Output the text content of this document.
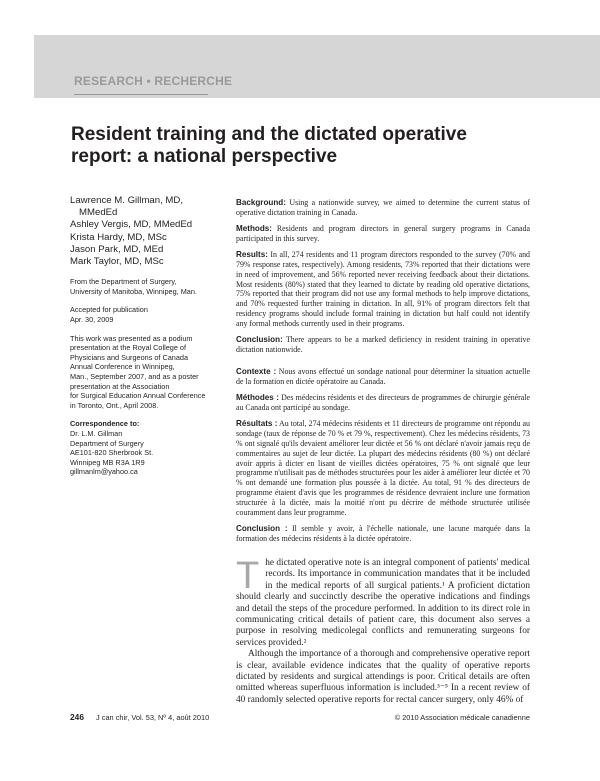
RESEARCH • RECHERCHE
Resident training and the dictated operative report: a national perspective
Lawrence M. Gillman, MD,
MMedEd
Ashley Vergis, MD, MMedEd
Krista Hardy, MD, MSc
Jason Park, MD, MEd
Mark Taylor, MD, MSc
From the Department of Surgery,
University of Manitoba, Winnipeg, Man.
Accepted for publication
Apr. 30, 2009
This work was presented as a podium
presentation at the Royal College of
Physicians and Surgeons of Canada
Annual Conference in Winnipeg,
Man., September 2007, and as a poster
presentation at the Association
for Surgical Education Annual Conference
in Toronto, Ont., April 2008.
Correspondence to:
Dr. L.M. Gillman
Department of Surgery
AE101-820 Sherbrook St.
Winnipeg MB R3A 1R9
gillmanlm@yahoo.ca

Background: Using a nationwide survey, we aimed to determine the current status of operative dictation training in Canada.

Methods: Residents and program directors in general surgery programs in Canada participated in this survey.

Results: In all, 274 residents and 11 program directors responded to the survey (70% and 79% response rates, respectively). Among residents, 73% reported that their dictations were in need of improvement, and 56% reported never receiving feedback about their dictations. Most residents (80%) stated that they learned to dictate by reading old operative dictations, 75% reported that their program did not use any formal methods to help improve dictations, and 70% requested further training in dictation. In all, 91% of program directors felt that residency programs should include formal training in dictation but half could not identify any formal methods currently used in their programs.

Conclusion: There appears to be a marked deficiency in resident training in operative dictation nationwide.

Contexte : Nous avons effectué un sondage national pour déterminer la situation actuelle de la formation en dictée opératoire au Canada.

Méthodes : Des médecins résidents et des directeurs de programmes de chirurgie générale au Canada ont participé au sondage.

Résultats : Au total, 274 médecins résidents et 11 directeurs de programme ont répondu au sondage (taux de réponse de 70 % et 79 %, respectivement). Chez les médecins résidents, 73 % ont signalé qu'ils devaient améliorer leur dictée et 56 % ont déclaré n'avoir jamais reçu de commentaires au sujet de leur dictée. La plupart des médecins résidents (80 %) ont déclaré avoir appris à dicter en lisant de vieilles dictées opératoires, 75 % ont signalé que leur programme n'utilisait pas de méthodes structurées pour les aider à améliorer leur dictée et 70 % ont demandé une formation plus poussée à la dictée. Au total, 91 % des directeurs de programme étaient d'avis que les programmes de résidence devraient inclure une formation structurée à la dictée, mais la moitié n'ont pu décrire de méthode structurée utilisée couramment dans leur programme.

Conclusion : Il semble y avoir, à l'échelle nationale, une lacune marquée dans la formation des médecins résidents à la dictée opératoire.

The dictated operative note is an integral component of patients' medical records. Its importance in communication mandates that it be included in the medical reports of all surgical patients.¹ A proficient dictation should clearly and succinctly describe the operative indications and findings and detail the steps of the procedure performed. In addition to its direct role in communicating critical details of patient care, this document also serves a purpose in resolving medicolegal conflicts and remunerating surgeons for services provided.²

Although the importance of a thorough and comprehensive operative report is clear, available evidence indicates that the quality of operative reports dictated by residents and surgical attendings is poor. Critical details are often omitted whereas superfluous information is included.³⁻⁵ In a recent review of 40 randomly selected operative reports for rectal cancer surgery, only 46% of

246 J can chir, Vol. 53, Nº 4, août 2010	© 2010 Association médicale canadienne
